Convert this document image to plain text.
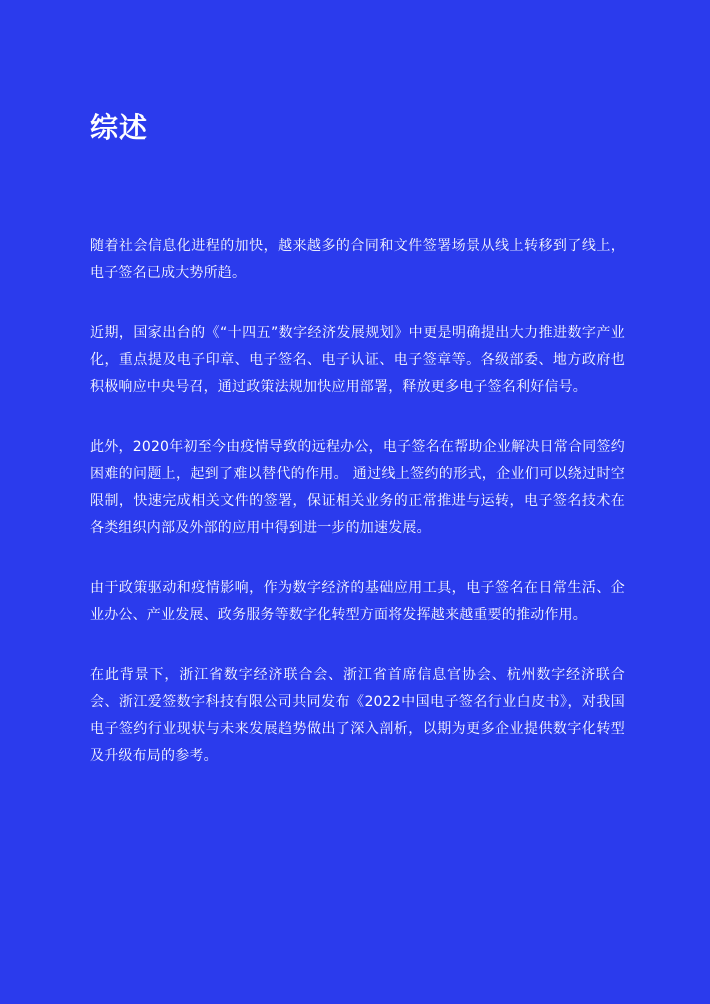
综述

随着社会信息化进程的加快，越来越多的合同和文件签署场景从线上转移到了线上，电子签名已成大势所趋。

近期，国家出台的《“十四五”数字经济发展规划》中更是明确提出大力推进数字产业化，重点提及电子印章、电子签名、电子认证、电子签章等。各级部委、地方政府也积极响应中央号召，通过政策法规加快应用部署，释放更多电子签名利好信号。

此外，2020年初至今由疫情导致的远程办公，电子签名在帮助企业解决日常合同签约困难的问题上，起到了难以替代的作用。 通过线上签约的形式，企业们可以绕过时空限制，快速完成相关文件的签署，保证相关业务的正常推进与运转，电子签名技术在各类组织内部及外部的应用中得到进一步的加速发展。

由于政策驱动和疫情影响，作为数字经济的基础应用工具，电子签名在日常生活、企业办公、产业发展、政务服务等数字化转型方面将发挥越来越重要的推动作用。

在此背景下，浙江省数字经济联合会、浙江省首席信息官协会、杭州数字经济联合会、浙江爱签数字科技有限公司共同发布《2022中国电子签名行业白皮书》，对我国电子签约行业现状与未来发展趋势做出了深入剖析，以期为更多企业提供数字化转型及升级布局的参考。
